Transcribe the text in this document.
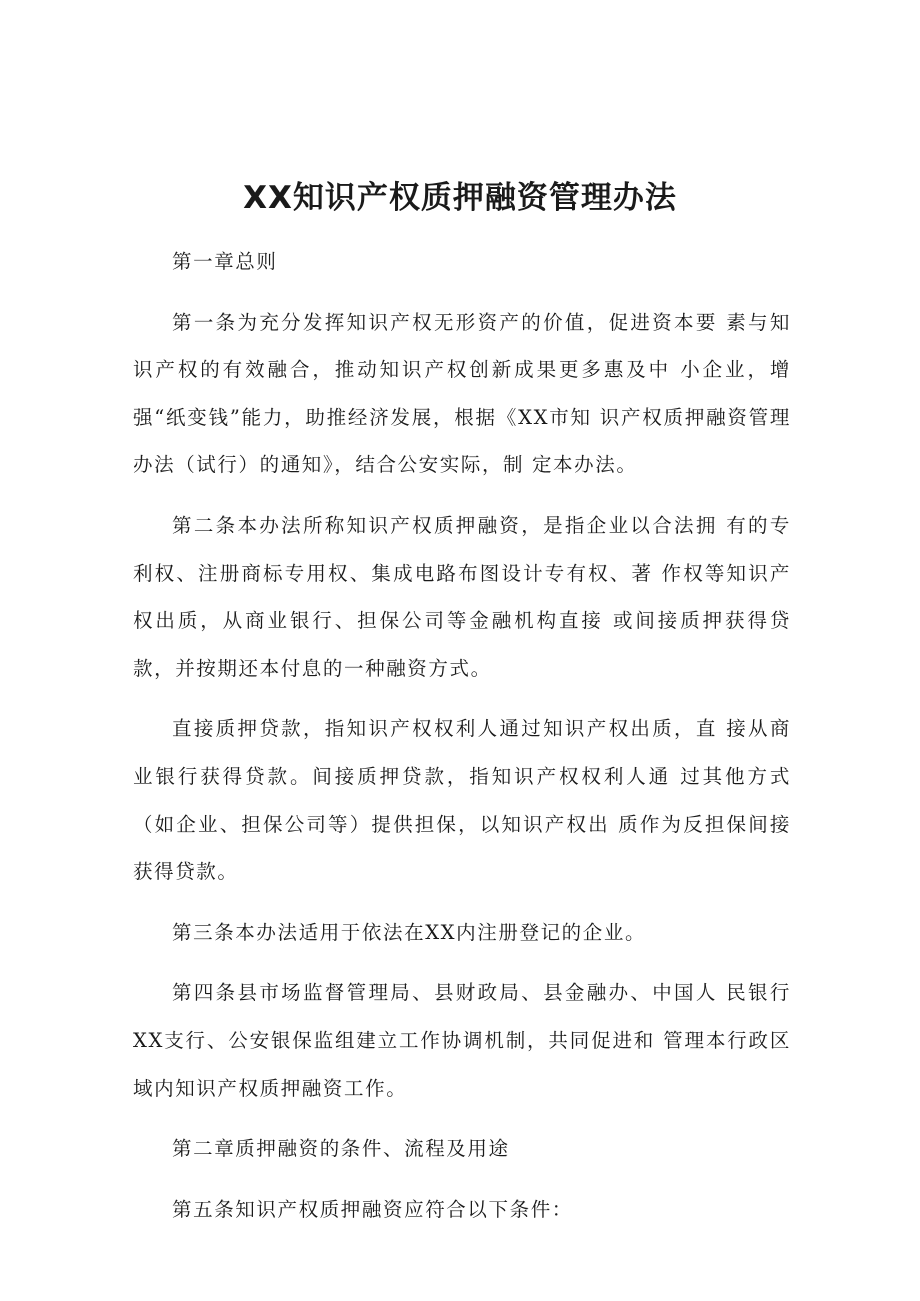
XX知识产权质押融资管理办法

第一章总则

第一条为充分发挥知识产权无形资产的价值，促进资本要 素与知识产权的有效融合，推动知识产权创新成果更多惠及中 小企业，增强“纸变钱”能力，助推经济发展，根据《XX市知 识产权质押融资管理办法（试行）的通知》，结合公安实际，制 定本办法。

第二条本办法所称知识产权质押融资，是指企业以合法拥 有的专利权、注册商标专用权、集成电路布图设计专有权、著 作权等知识产权出质，从商业银行、担保公司等金融机构直接 或间接质押获得贷款，并按期还本付息的一种融资方式。

直接质押贷款，指知识产权权利人通过知识产权出质，直 接从商业银行获得贷款。间接质押贷款，指知识产权权利人通 过其他方式（如企业、担保公司等）提供担保，以知识产权出 质作为反担保间接获得贷款。

第三条本办法适用于依法在XX内注册登记的企业。

第四条县市场监督管理局、县财政局、县金融办、中国人 民银行XX支行、公安银保监组建立工作协调机制，共同促进和 管理本行政区域内知识产权质押融资工作。

第二章质押融资的条件、流程及用途

第五条知识产权质押融资应符合以下条件：
